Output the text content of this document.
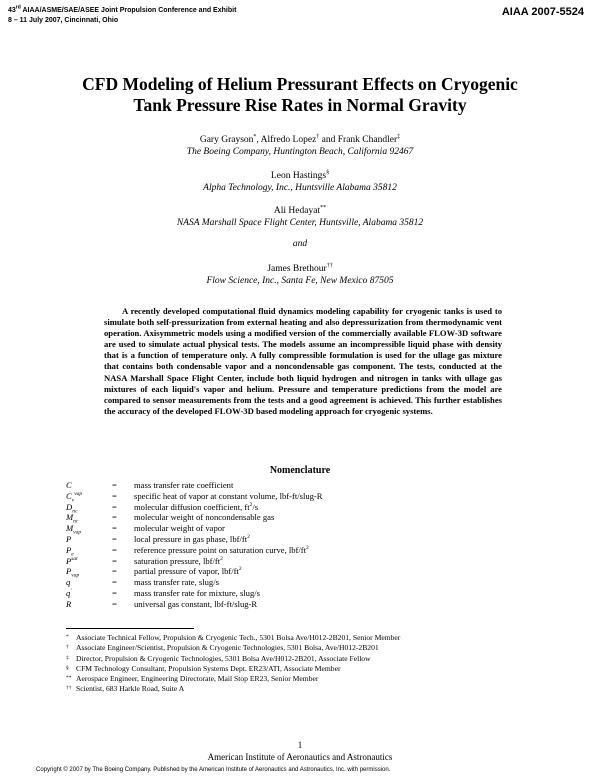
43rd AIAA/ASME/SAE/ASEE Joint Propulsion Conference and Exhibit
8 – 11 July 2007, Cincinnati, Ohio
AIAA 2007-5524
CFD Modeling of Helium Pressurant Effects on Cryogenic
Tank Pressure Rise Rates in Normal Gravity
Gary Grayson*, Alfredo Lopez† and Frank Chandler‡
The Boeing Company, Huntington Beach, California 92467
Leon Hastings§
Alpha Technology, Inc., Huntsville Alabama 35812
Ali Hedayat**
NASA Marshall Space Flight Center, Huntsville, Alabama 35812
and
James Brethour††
Flow Science, Inc., Santa Fe, New Mexico 87505

A recently developed computational fluid dynamics modeling capability for cryogenic tanks is used to simulate both self-pressurization from external heating and also depressurization from thermodynamic vent operation. Axisymmetric models using a modified version of the commercially available FLOW-3D software are used to simulate actual physical tests. The models assume an incompressible liquid phase with density that is a function of temperature only. A fully compressible formulation is used for the ullage gas mixture that contains both condensable vapor and a noncondensable gas component. The tests, conducted at the NASA Marshall Space Flight Center, include both liquid hydrogen and nitrogen in tanks with ullage gas mixtures of each liquid's vapor and helium. Pressure and temperature predictions from the model are compared to sensor measurements from the tests and a good agreement is achieved. This further establishes the accuracy of the developed FLOW-3D based modeling approach for cryogenic systems.

Nomenclature
C	=	mass transfer rate coefficient
$C_v^{vap}$	=	specific heat of vapor at constant volume, lbf-ft/slug-R
$D_{nc}$	=	molecular diffusion coefficient, $ft^2/s$
$M_{nc}$	=	molecular weight of noncondensable gas
$M_{vap}$	=	molecular weight of vapor
P	=	local pressure in gas phase, lbf/$ft^2$
$P_e$	=	reference pressure point on saturation curve, lbf/$ft^2$
$P^{sat}$	=	saturation pressure, lbf/$ft^2$
$P_{vap}$	=	partial pressure of vapor, lbf/$ft^2$
q	=	mass transfer rate, slug/s
q'	=	mass transfer rate for mixture, slug/s
R	=	universal gas constant, lbf-ft/slug-R
* Associate Technical Fellow, Propulsion & Cryogenic Tech., 5301 Bolsa Ave/H012-2B201, Senior Member
† Associate Engineer/Scientist, Propulsion & Cryogenic Technologies, 5301 Bolsa, Ave/H012-2B201
‡ Director, Propulsion & Cryogenic Technologies, 5301 Bolsa Ave/H012-2B201, Associate Fellow
§ CFM Technology Consultant, Propulsion Systems Dept. ER23/ATI, Associate Member
** Aerospace Engineer, Engineering Directorate, Mail Stop ER23, Senior Member
†† Scientist, 683 Harkle Road, Suite A
1
American Institute of Aeronautics and Astronautics
Copyright © 2007 by The Boeing Company. Published by the American Institute of Aeronautics and Astronautics, Inc. with permission.
